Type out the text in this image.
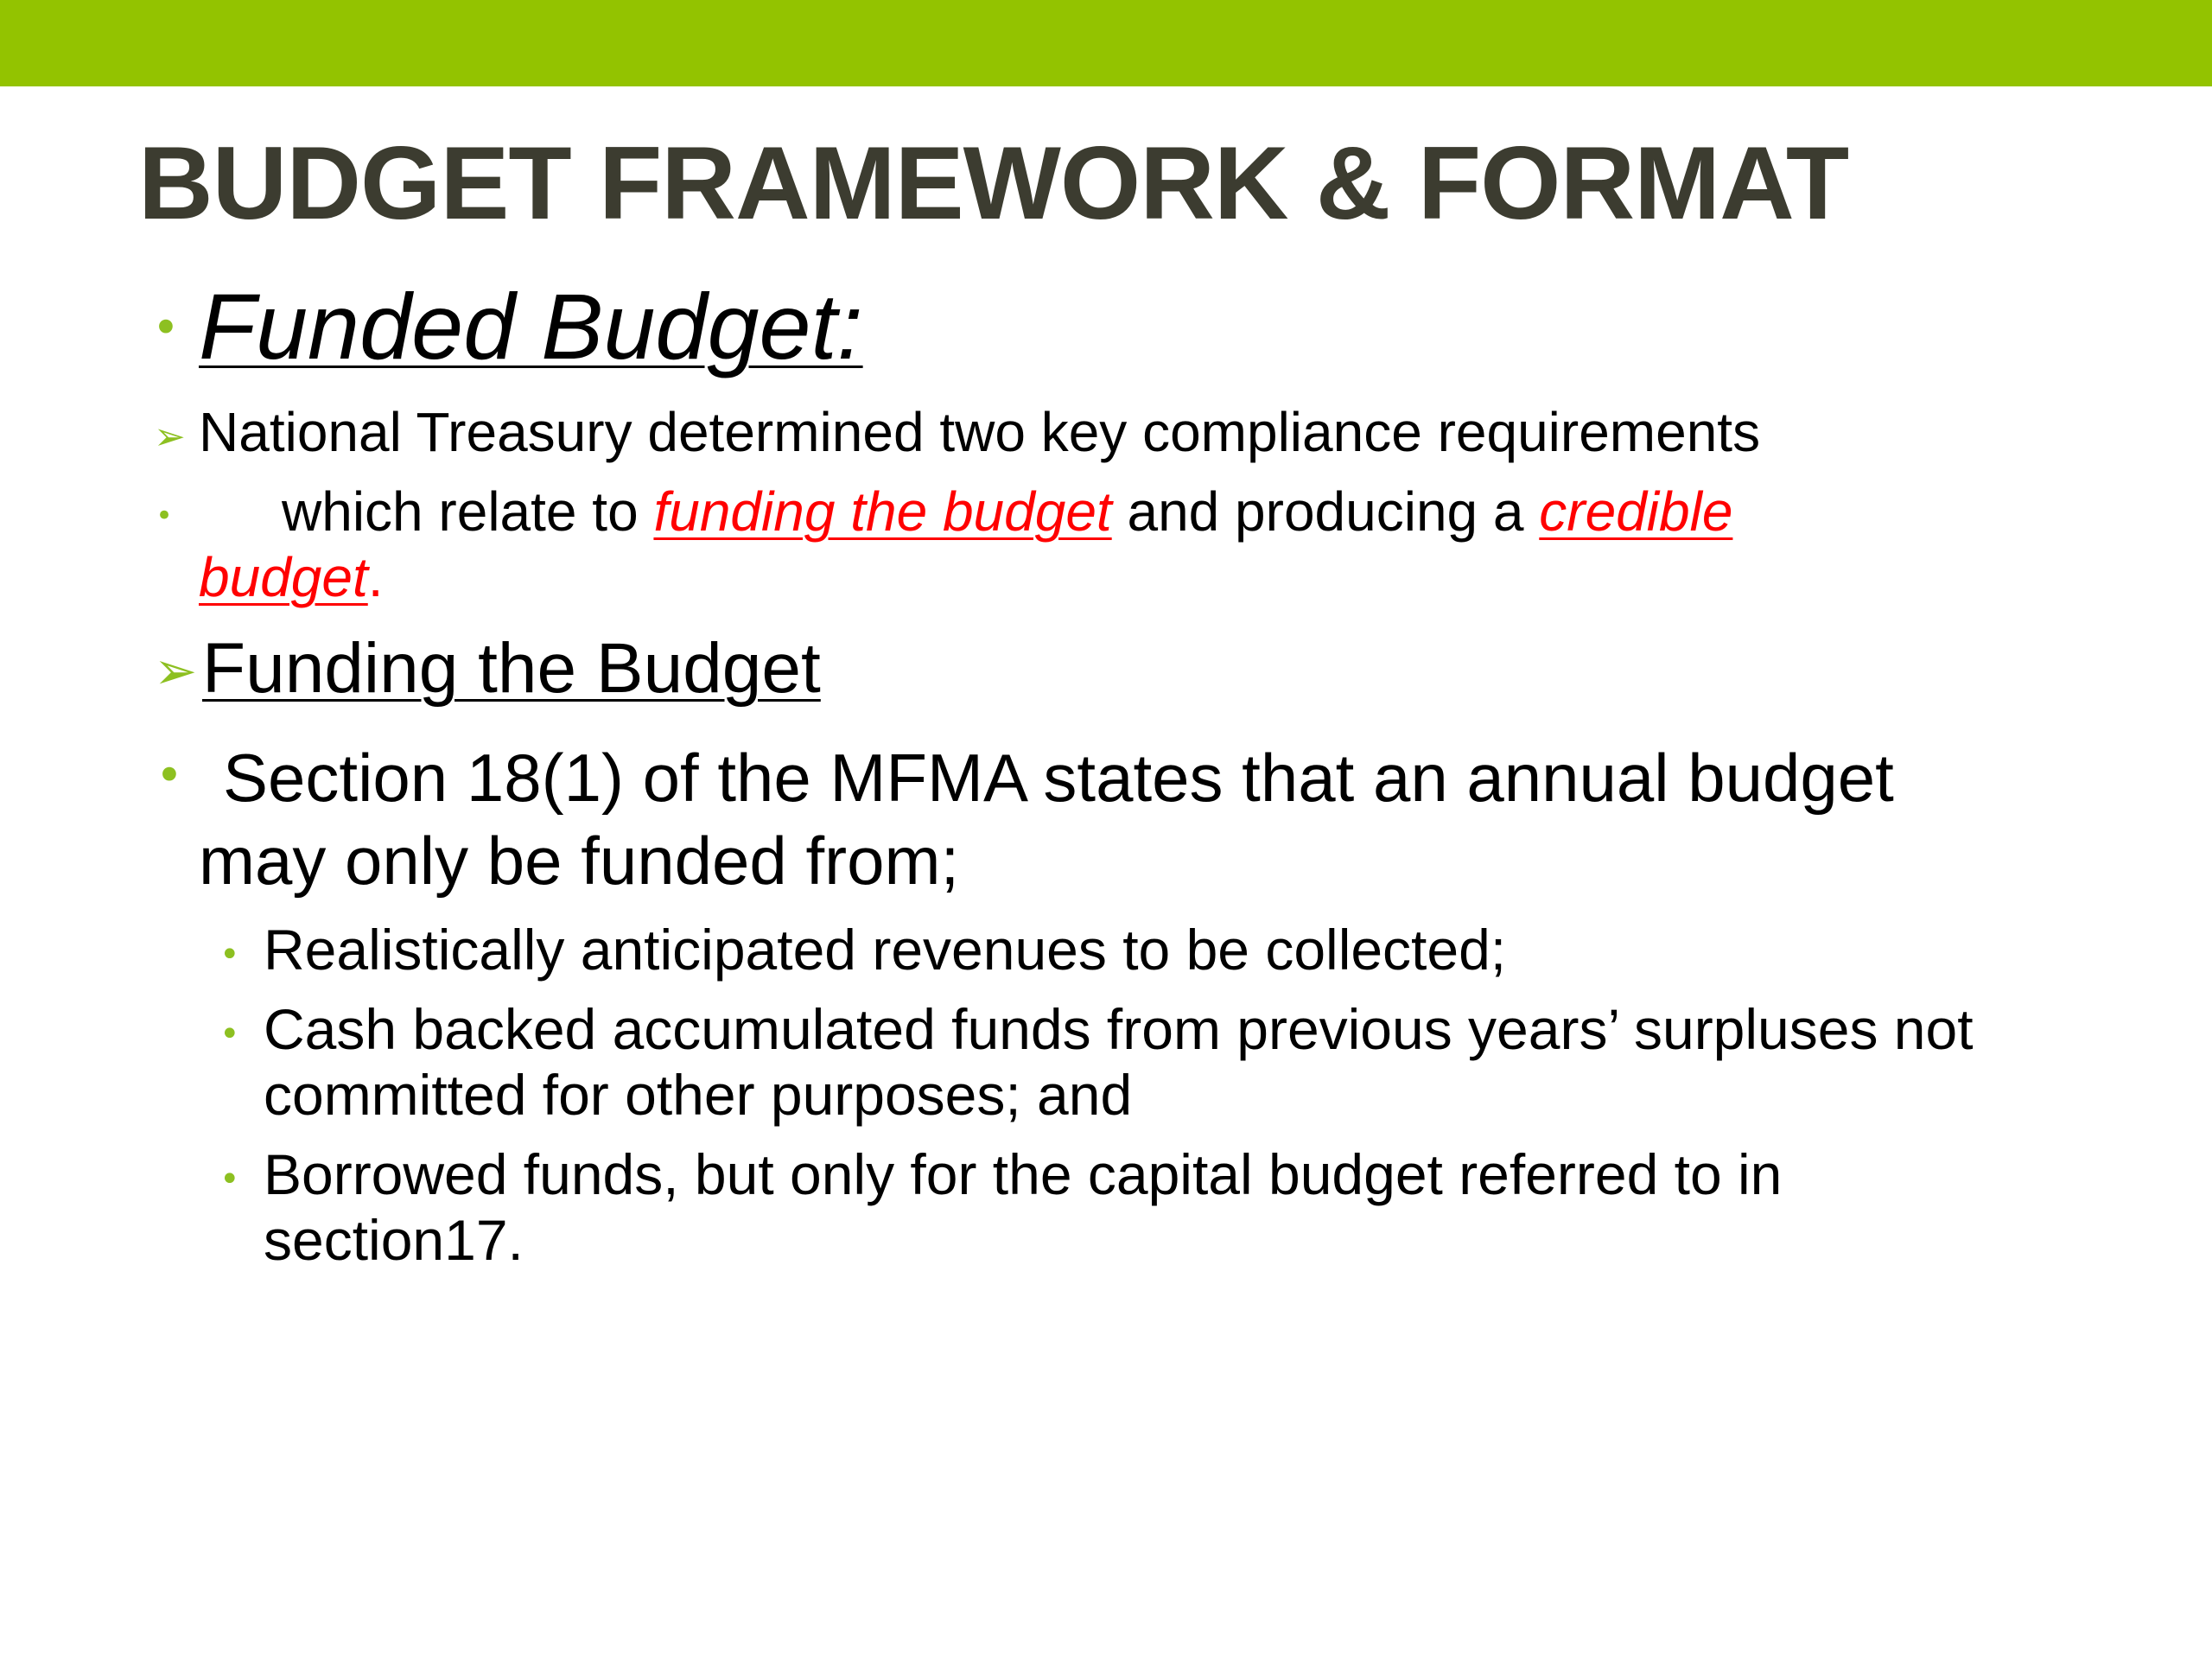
BUDGET FRAMEWORK & FORMAT
• Funded Budget:
➢ National Treasury determined two key compliance requirements
• which relate to funding the budget and producing a credible
budget.
➢ Funding the Budget
• Section 18(1) of the MFMA states that an annual budget
may only be funded from;
• Realistically anticipated revenues to be collected;
• Cash backed accumulated funds from previous years’ surpluses not
committed for other purposes; and
• Borrowed funds, but only for the capital budget referred to in
section17.
